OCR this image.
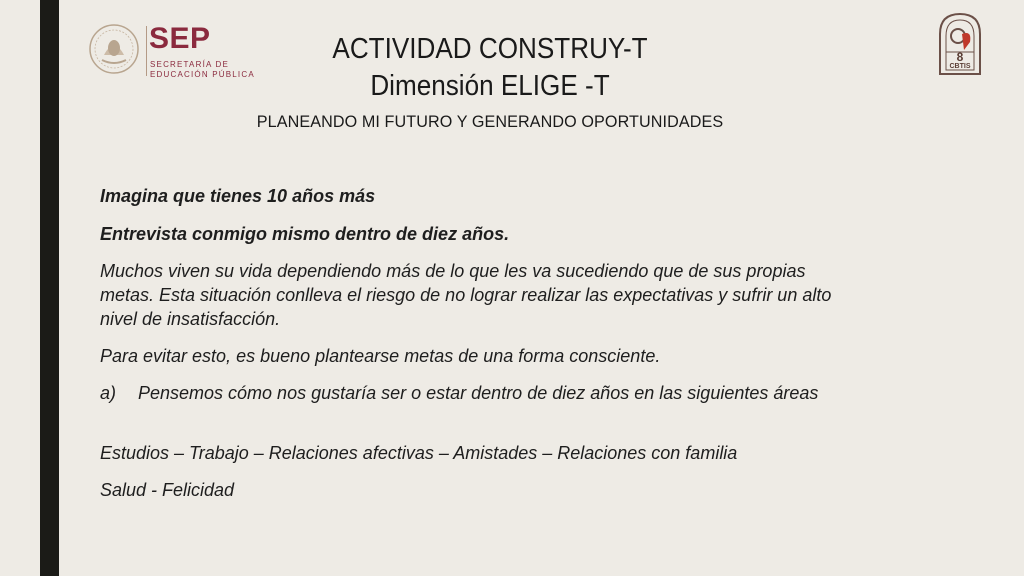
SEP
SECRETARÍA DE
EDUCACIÓN PÚBLICA
8
CBTIS
ACTIVIDAD CONSTRUY-T
Dimensión ELIGE -T
PLANEANDO MI FUTURO Y GENERANDO OPORTUNIDADES
Imagina que tienes 10 años más
Entrevista conmigo mismo dentro de diez años.
Muchos viven su vida dependiendo más de lo que les va sucediendo que de sus propias metas. Esta situación conlleva el riesgo de no lograr realizar las expectativas y sufrir un alto nivel de insatisfacción.
Para evitar esto, es bueno plantearse metas de una forma consciente.
a) Pensemos cómo nos gustaría ser o estar dentro de diez años en las siguientes áreas
Estudios – Trabajo – Relaciones afectivas – Amistades – Relaciones con familia
Salud - Felicidad
